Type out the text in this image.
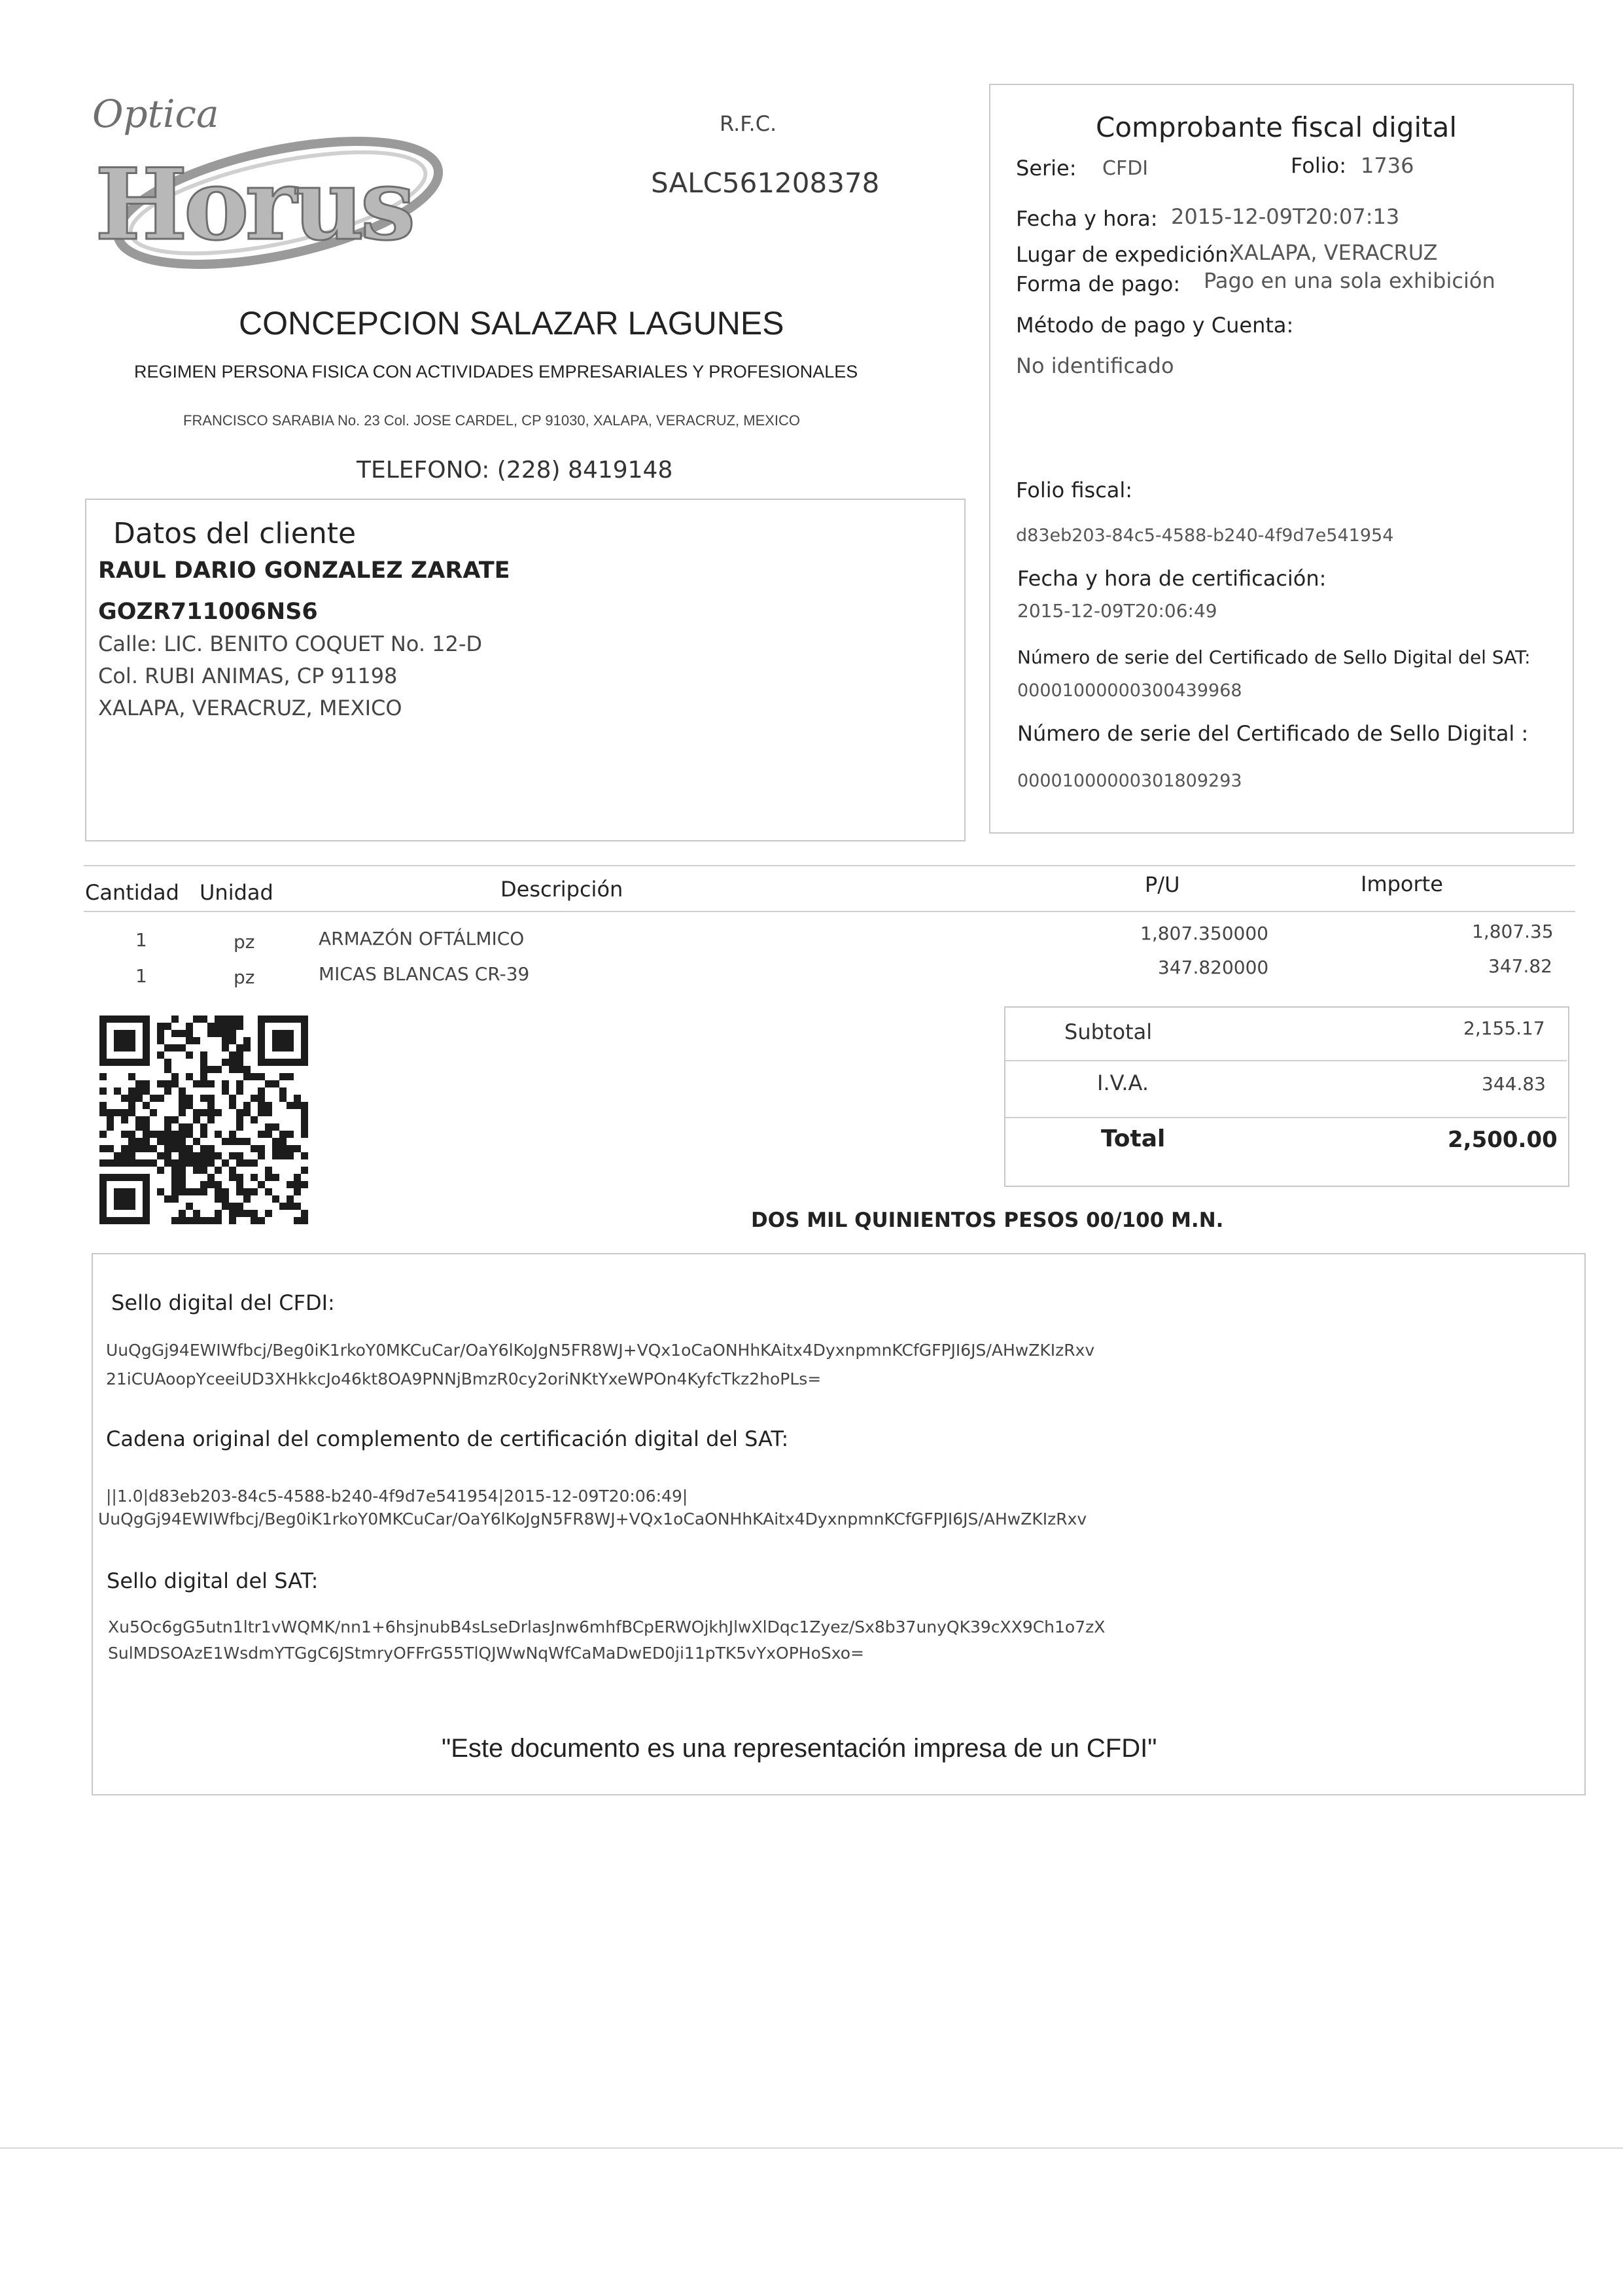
Optica
Horus
R.F.C.
SALC561208378
CONCEPCION SALAZAR LAGUNES
REGIMEN PERSONA FISICA CON ACTIVIDADES EMPRESARIALES Y PROFESIONALES
FRANCISCO SARABIA No. 23 Col. JOSE CARDEL, CP 91030, XALAPA, VERACRUZ, MEXICO
TELEFONO: (228) 8419148
Datos del cliente
RAUL DARIO GONZALEZ ZARATE
GOZR711006NS6
Calle: LIC. BENITO COQUET No. 12-D
Col. RUBI ANIMAS, CP 91198
XALAPA, VERACRUZ, MEXICO
Comprobante fiscal digital
Serie: CFDI	Folio: 1736
Fecha y hora: 2015-12-09T20:07:13
Lugar de expedición:
XALAPA, VERACRUZ
Forma de pago: Pago en una sola exhibición
Método de pago y Cuenta:
No identificado
Folio fiscal:
d83eb203-84c5-4588-b240-4f9d7e541954
Fecha y hora de certificación:
2015-12-09T20:06:49
Número de serie del Certificado de Sello Digital del SAT:
00001000000300439968
Número de serie del Certificado de Sello Digital :
00001000000301809293
Cantidad Unidad	Descripción	P/U	Importe
1	pz	ARMAZÓN OFTÁLMICO	1,807.350000	1,807.35
1	pz	MICAS BLANCAS CR-39	347.820000	347.82
Subtotal	2,155.17
I.V.A.	344.83
Total	2,500.00
DOS MIL QUINIENTOS PESOS 00/100 M.N.
Sello digital del CFDI:
UuQgGj94EWIWfbcj/Beg0iK1rkoY0MKCuCar/OaY6lKoJgN5FR8WJ+VQx1oCaONHhKAitx4DyxnpmnKCfGFPJI6JS/AHwZKIzRxv
21iCUAoopYceeiUD3XHkkcJo46kt8OA9PNNjBmzR0cy2oriNKtYxeWPOn4KyfcTkz2hoPLs=
Cadena original del complemento de certificación digital del SAT:
||1.0|d83eb203-84c5-4588-b240-4f9d7e541954|2015-12-09T20:06:49|
UuQgGj94EWIWfbcj/Beg0iK1rkoY0MKCuCar/OaY6lKoJgN5FR8WJ+VQx1oCaONHhKAitx4DyxnpmnKCfGFPJI6JS/AHwZKIzRxv
Sello digital del SAT:
Xu5Oc6gG5utn1ltr1vWQMK/nn1+6hsjnubB4sLseDrlasJnw6mhfBCpERWOjkhJlwXlDqc1Zyez/Sx8b37unyQK39cXX9Ch1o7zX
SulMDSOAzE1WsdmYTGgC6JStmryOFFrG55TlQJWwNqWfCaMaDwED0ji11pTK5vYxOPHoSxo=
"Este documento es una representación impresa de un CFDI"
